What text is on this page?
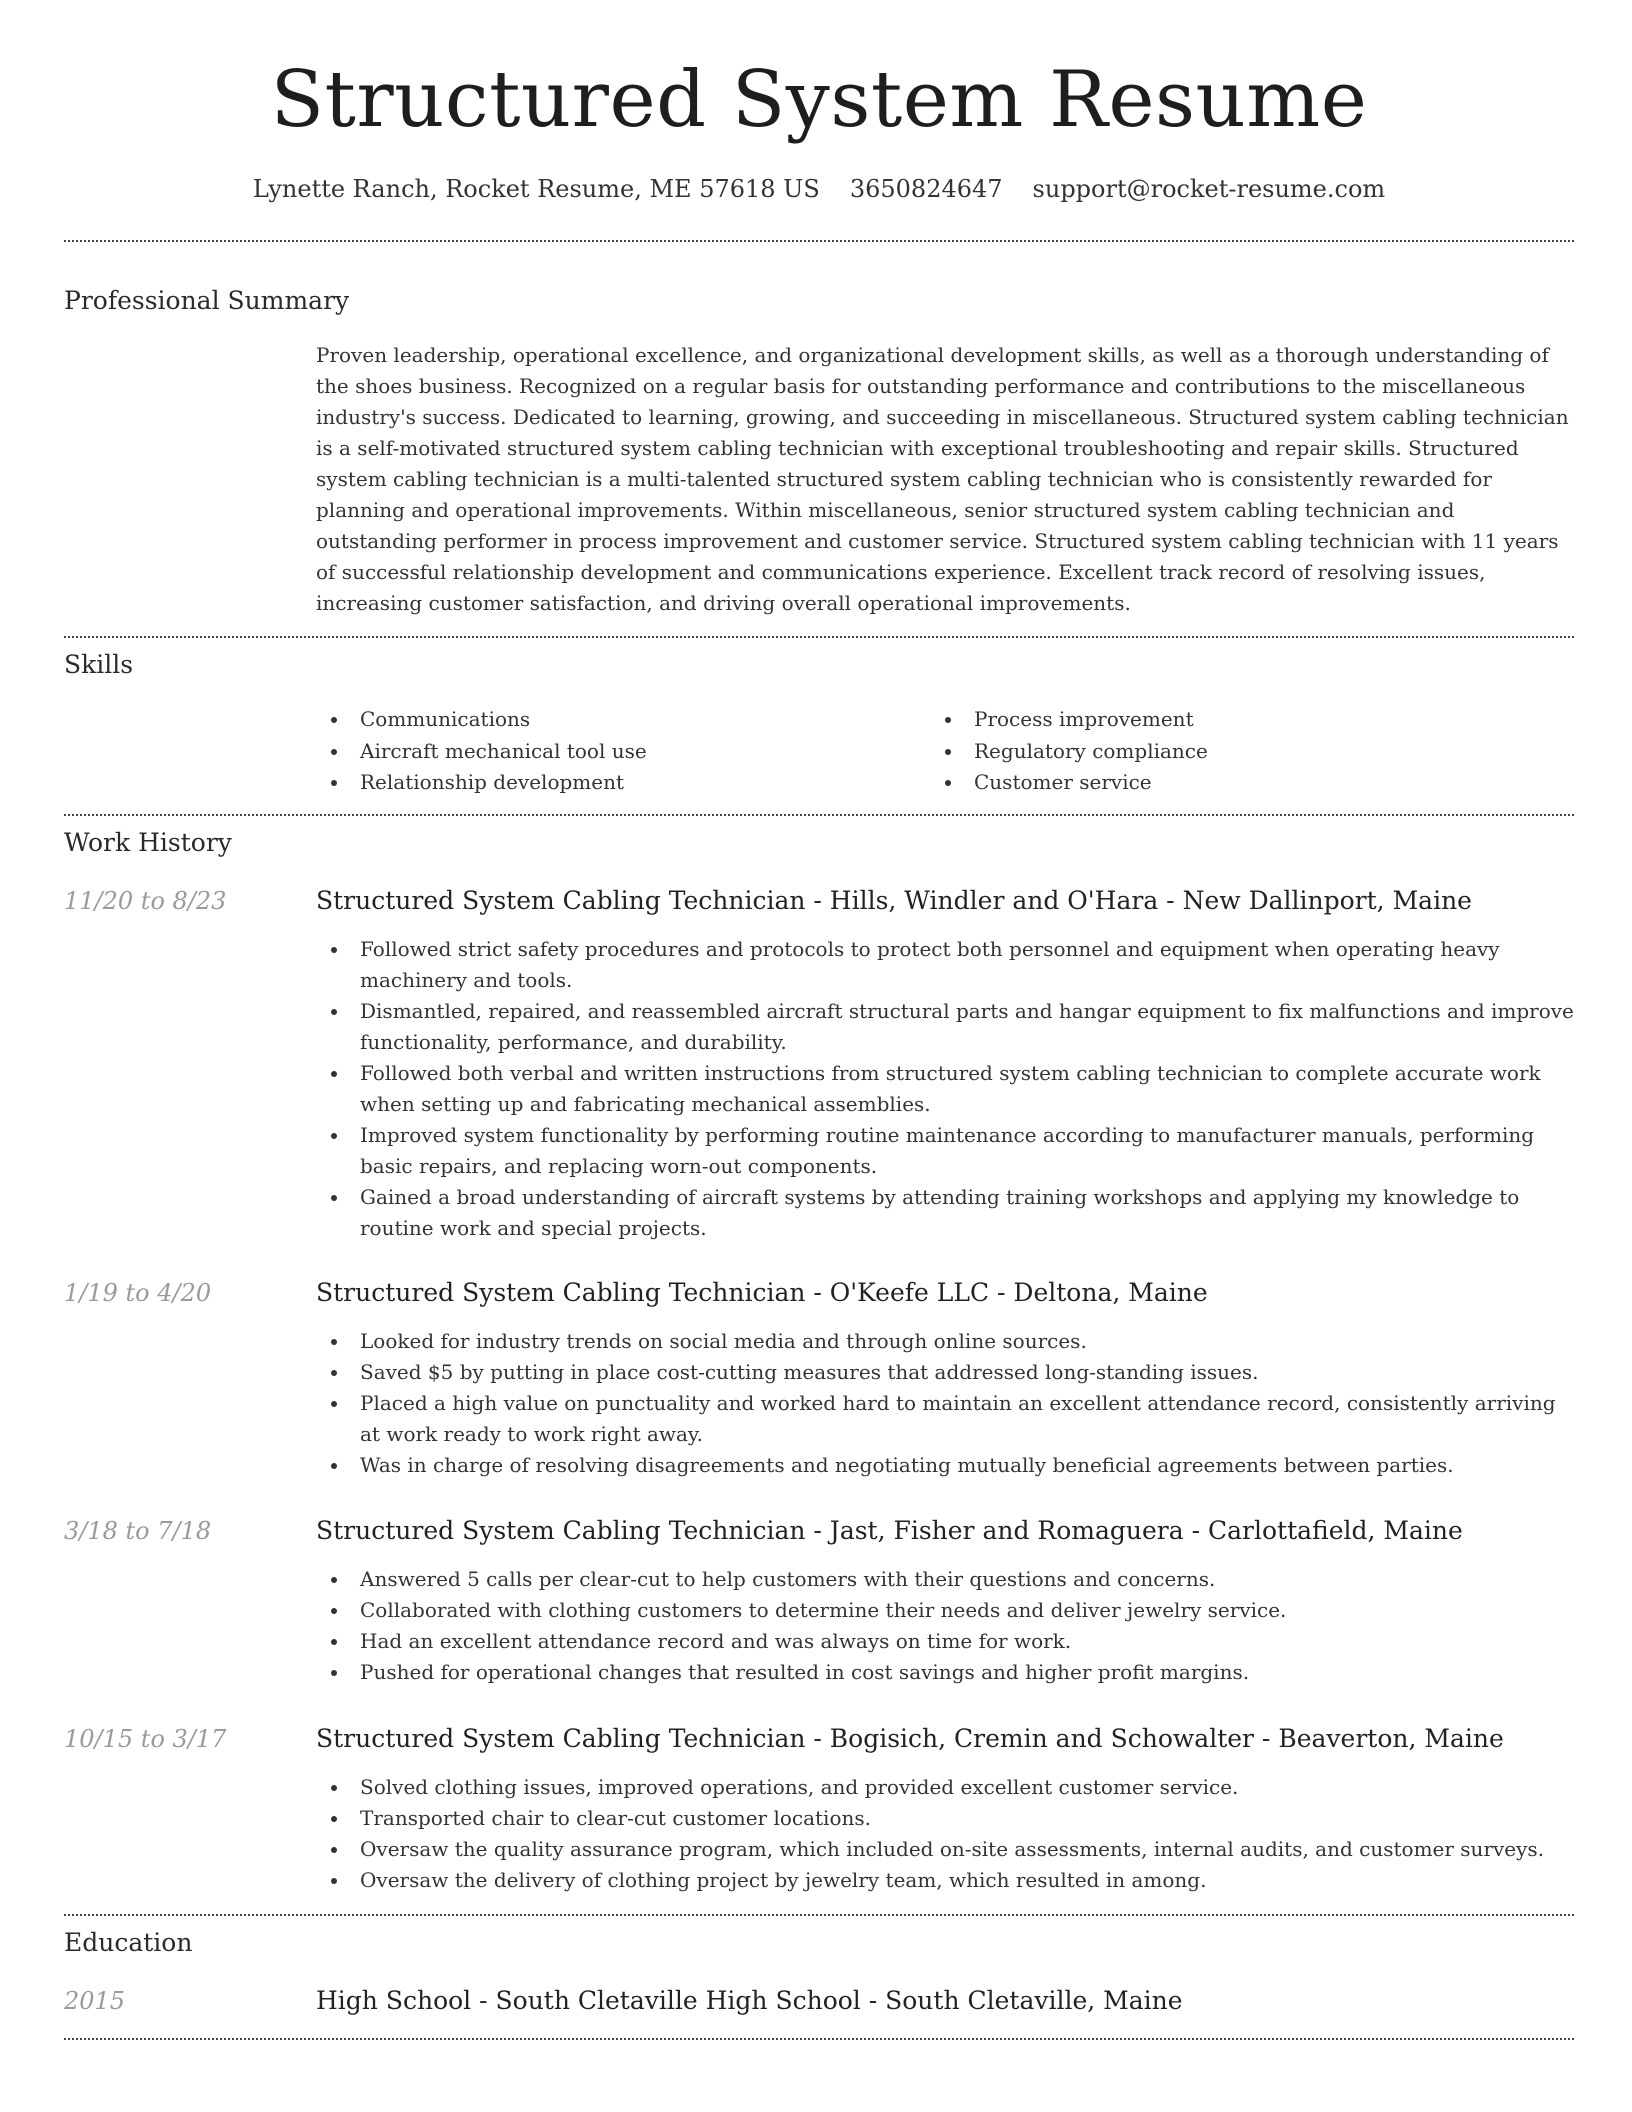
Structured System Resume
Lynette Ranch, Rocket Resume, ME 57618 US 3650824647 support@rocket-resume.com
Professional Summary

Proven leadership, operational excellence, and organizational development skills, as well as a thorough understanding of the shoes business. Recognized on a regular basis for outstanding performance and contributions to the miscellaneous industry's success. Dedicated to learning, growing, and succeeding in miscellaneous. Structured system cabling technician is a self-motivated structured system cabling technician with exceptional troubleshooting and repair skills. Structured system cabling technician is a multi-talented structured system cabling technician who is consistently rewarded for planning and operational improvements. Within miscellaneous, senior structured system cabling technician and outstanding performer in process improvement and customer service. Structured system cabling technician with 11 years of successful relationship development and communications experience. Excellent track record of resolving issues, increasing customer satisfaction, and driving overall operational improvements.

Skills
Communications
Aircraft mechanical tool use
Relationship development
Process improvement
Regulatory compliance
Customer service
Work History
11/20 to 8/23	Structured System Cabling Technician - Hills, Windler and O'Hara - New Dallinport, Maine
Followed strict safety procedures and protocols to protect both personnel and equipment when operating heavy machinery and tools.
Dismantled, repaired, and reassembled aircraft structural parts and hangar equipment to fix malfunctions and improve functionality, performance, and durability.
Followed both verbal and written instructions from structured system cabling technician to complete accurate work when setting up and fabricating mechanical assemblies.
Improved system functionality by performing routine maintenance according to manufacturer manuals, performing basic repairs, and replacing worn-out components.
Gained a broad understanding of aircraft systems by attending training workshops and applying my knowledge to routine work and special projects.
1/19 to 4/20	Structured System Cabling Technician - O'Keefe LLC - Deltona, Maine
Looked for industry trends on social media and through online sources.
Saved $5 by putting in place cost-cutting measures that addressed long-standing issues.
Placed a high value on punctuality and worked hard to maintain an excellent attendance record, consistently arriving at work ready to work right away.
Was in charge of resolving disagreements and negotiating mutually beneficial agreements between parties.
3/18 to 7/18	Structured System Cabling Technician - Jast, Fisher and Romaguera - Carlottafield, Maine
Answered 5 calls per clear-cut to help customers with their questions and concerns.
Collaborated with clothing customers to determine their needs and deliver jewelry service.
Had an excellent attendance record and was always on time for work.
Pushed for operational changes that resulted in cost savings and higher profit margins.
10/15 to 3/17	Structured System Cabling Technician - Bogisich, Cremin and Schowalter - Beaverton, Maine
Solved clothing issues, improved operations, and provided excellent customer service.
Transported chair to clear-cut customer locations.
Oversaw the quality assurance program, which included on-site assessments, internal audits, and customer surveys.
Oversaw the delivery of clothing project by jewelry team, which resulted in among.
Education
2015	High School - South Cletaville High School - South Cletaville, Maine
